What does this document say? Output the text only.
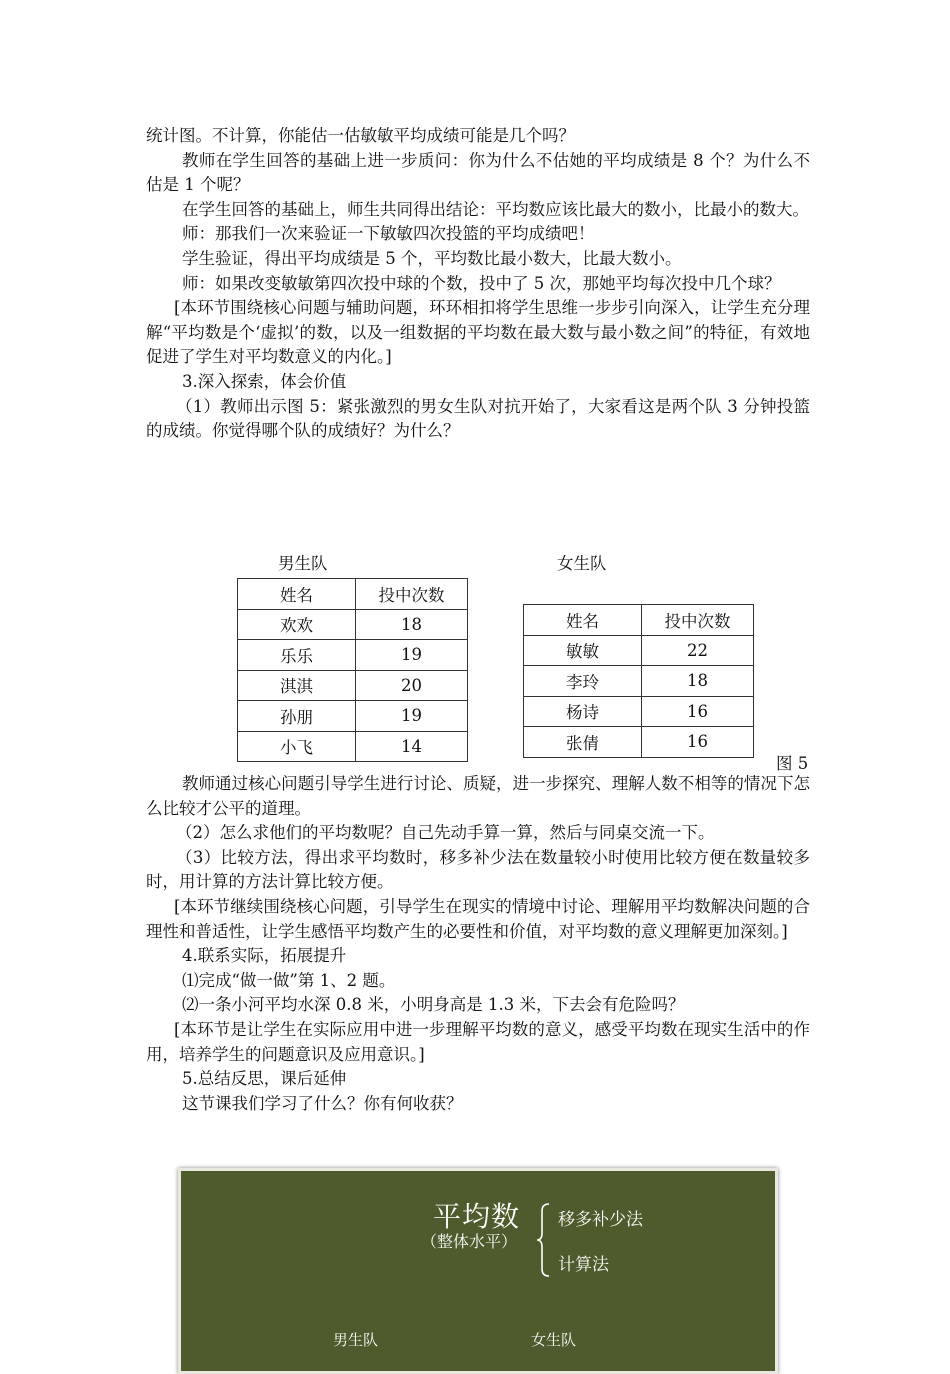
统计图。不计算，你能估一估敏敏平均成绩可能是几个吗？

教师在学生回答的基础上进一步质问：你为什么不估她的平均成绩是 8 个？为什么不估是 1 个呢？

在学生回答的基础上，师生共同得出结论：平均数应该比最大的数小，比最小的数大。

师：那我们一次来验证一下敏敏四次投篮的平均成绩吧！

学生验证，得出平均成绩是 5 个，平均数比最小数大，比最大数小。

师：如果改变敏敏第四次投中球的个数，投中了 5 次，那她平均每次投中几个球？

[本环节围绕核心问题与辅助问题，环环相扣将学生思维一步步引向深入，让学生充分理解“平均数是个‘虚拟’的数，以及一组数据的平均数在最大数与最小数之间”的特征，有效地促进了学生对平均数意义的内化。]

3.深入探索，体会价值

（1）教师出示图 5：紧张激烈的男女生队对抗开始了，大家看这是两个队 3 分钟投篮的成绩。你觉得哪个队的成绩好？为什么？

男生队
姓名	投中次数
欢欢	18
乐乐	19
淇淇	20
孙朋	19
小飞	14
女生队
姓名	投中次数
敏敏	22
李玲	18
杨诗	16
张倩	16
图 5

教师通过核心问题引导学生进行讨论、质疑，进一步探究、理解人数不相等的情况下怎么比较才公平的道理。

（2）怎么求他们的平均数呢？自己先动手算一算，然后与同桌交流一下。

（3）比较方法，得出求平均数时，移多补少法在数量较小时使用比较方便在数量较多时，用计算的方法计算比较方便。

[本环节继续围绕核心问题，引导学生在现实的情境中讨论、理解用平均数解决问题的合理性和普适性，让学生感悟平均数产生的必要性和价值，对平均数的意义理解更加深刻。]

4.联系实际，拓展提升

⑴完成“做一做”第 1、2 题。

⑵一条小河平均水深 0.8 米，小明身高是 1.3 米，下去会有危险吗？

[本环节是让学生在实际应用中进一步理解平均数的意义，感受平均数在现实生活中的作用，培养学生的问题意识及应用意识。]

5.总结反思，课后延伸

这节课我们学习了什么？你有何收获？

平均数
（整体水平）
移多补少法
计算法
男生队	女生队
